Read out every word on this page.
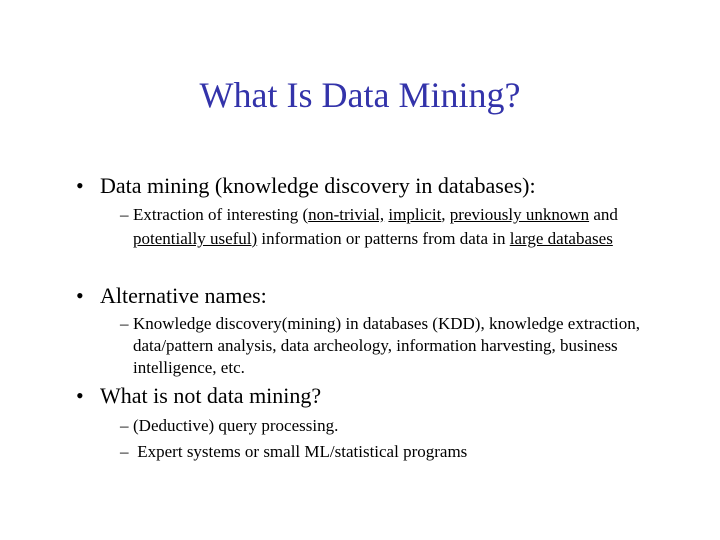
What Is Data Mining?
• Data mining (knowledge discovery in databases):
– Extraction of interesting (non-trivial, implicit, previously unknown and potentially useful) information or patterns from data in large databases
• Alternative names:
– Knowledge discovery(mining) in databases (KDD), knowledge extraction, data/pattern analysis, data archeology, information harvesting, business intelligence, etc.
• What is not data mining?
– (Deductive) query processing.
– Expert systems or small ML/statistical programs
